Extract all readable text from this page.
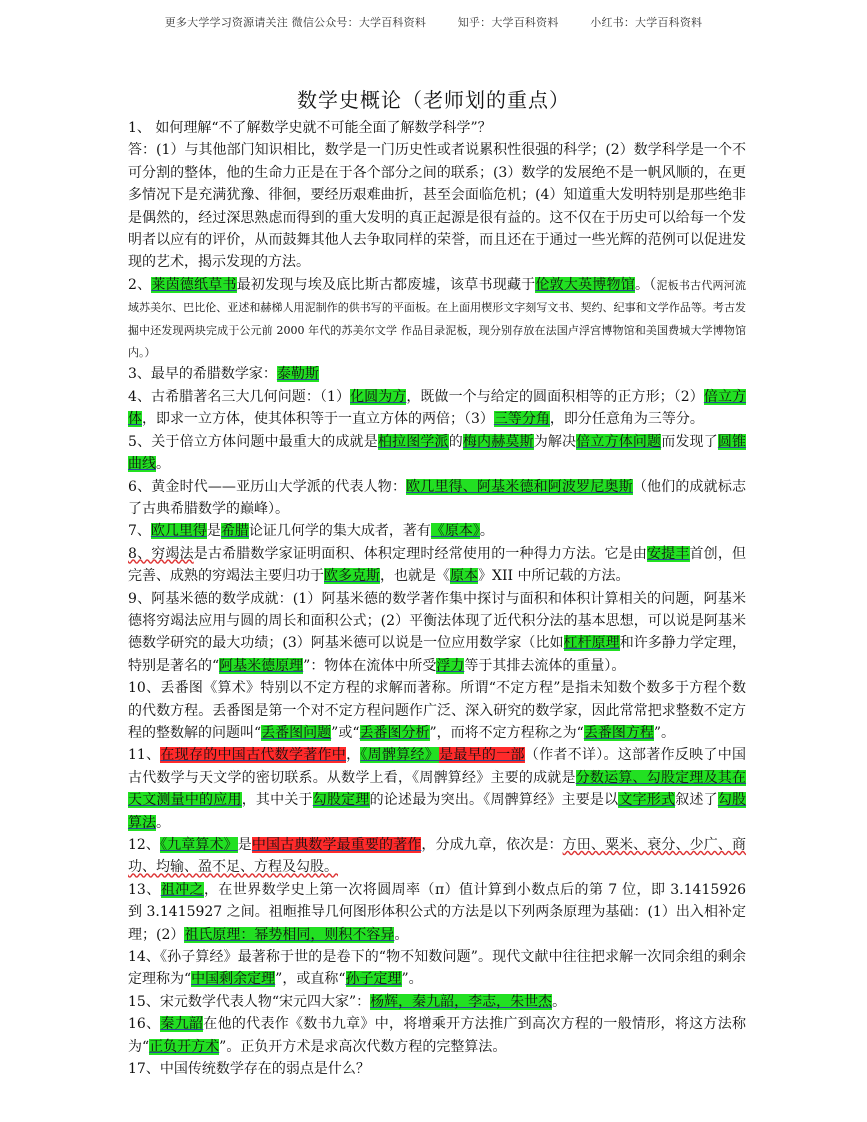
更多大学学习资源请关注 微信公众号：大学百科资料	知乎：大学百科资料	小红书：大学百科资料
数学史概论（老师划的重点）

1、 如何理解“不了解数学史就不可能全面了解数学科学”？

答：(1）与其他部门知识相比，数学是一门历史性或者说累积性很强的科学；(2）数学科学是一个不可分割的整体，他的生命力正是在于各个部分之间的联系；(3）数学的发展绝不是一帆风顺的，在更多情况下是充满犹豫、徘徊，要经历艰难曲折，甚至会面临危机；(4）知道重大发明特别是那些绝非是偶然的，经过深思熟虑而得到的重大发明的真正起源是很有益的。这不仅在于历史可以给每一个发明者以应有的评价，从而鼓舞其他人去争取同样的荣誉，而且还在于通过一些光辉的范例可以促进发现的艺术，揭示发现的方法。

2、莱茵德纸草书最初发现与埃及底比斯古都废墟，该草书现藏于伦敦大英博物馆。（泥板书古代两河流域苏美尔、巴比伦、亚述和赫梯人用泥制作的供书写的平面板。在上面用楔形文字刻写文书、契约、纪事和文学作品等。考古发掘中还发现两块完成于公元前 2000 年代的苏美尔文学 作品目录泥板，现分别存放在法国卢浮宫博物馆和美国费城大学博物馆内。）

3、最早的希腊数学家：泰勒斯

4、古希腊著名三大几何问题：（1）化圆为方，既做一个与给定的圆面积相等的正方形；（2）倍立方体，即求一立方体，使其体积等于一直立方体的两倍；（3）三等分角，即分任意角为三等分。

5、关于倍立方体问题中最重大的成就是柏拉图学派的梅内赫莫斯为解决倍立方体问题而发现了圆锥曲线。

6、黄金时代——亚历山大学派的代表人物：欧几里得、阿基米德和阿波罗尼奥斯（他们的成就标志了古典希腊数学的巅峰）。

7、欧几里得是希腊论证几何学的集大成者，著有《原本》。

8、穷竭法是古希腊数学家证明面积、体积定理时经常使用的一种得力方法。它是由安提丰首创，但完善、成熟的穷竭法主要归功于欧多克斯，也就是《原本》XII 中所记载的方法。

9、阿基米德的数学成就：(1）阿基米德的数学著作集中探讨与面积和体积计算相关的问题，阿基米德将穷竭法应用与圆的周长和面积公式；(2）平衡法体现了近代积分法的基本思想，可以说是阿基米德数学研究的最大功绩；(3）阿基米德可以说是一位应用数学家（比如杠杆原理和许多静力学定理，特别是著名的“阿基米德原理”：物体在流体中所受浮力等于其排去流体的重量）。

10、丢番图《算术》特别以不定方程的求解而著称。所谓“不定方程”是指未知数个数多于方程个数的代数方程。丢番图是第一个对不定方程问题作广泛、深入研究的数学家，因此常常把求整数不定方程的整数解的问题叫“丢番图问题”或“丢番图分析”，而将不定方程称之为“丢番图方程”。

11、在现存的中国古代数学著作中，《周髀算经》是最早的一部（作者不详）。这部著作反映了中国古代数学与天文学的密切联系。从数学上看，《周髀算经》主要的成就是分数运算、勾股定理及其在天文测量中的应用，其中关于勾股定理的论述最为突出。《周髀算经》主要是以文字形式叙述了勾股算法。

12、《九章算术》是中国古典数学最重要的著作，分成九章，依次是：方田、粟米、衰分、少广、商功、均输、盈不足、方程及勾股。

13、祖冲之，在世界数学史上第一次将圆周率（π）值计算到小数点后的第 7 位，即 3.1415926 到 3.1415927 之间。祖暅推导几何图形体积公式的方法是以下列两条原理为基础：(1）出入相补定理；(2）祖氏原理：幂势相同，则积不容异。

14、《孙子算经》最著称于世的是卷下的“物不知数问题”。现代文献中往往把求解一次同余组的剩余定理称为“中国剩余定理”，或直称“孙子定理”。

15、宋元数学代表人物“宋元四大家”：杨辉，秦九韶，李志，朱世杰。

16、秦九韶在他的代表作《数书九章》中，将增乘开方法推广到高次方程的一般情形，将这方法称为“正负开方术”。正负开方术是求高次代数方程的完整算法。

17、中国传统数学存在的弱点是什么？
